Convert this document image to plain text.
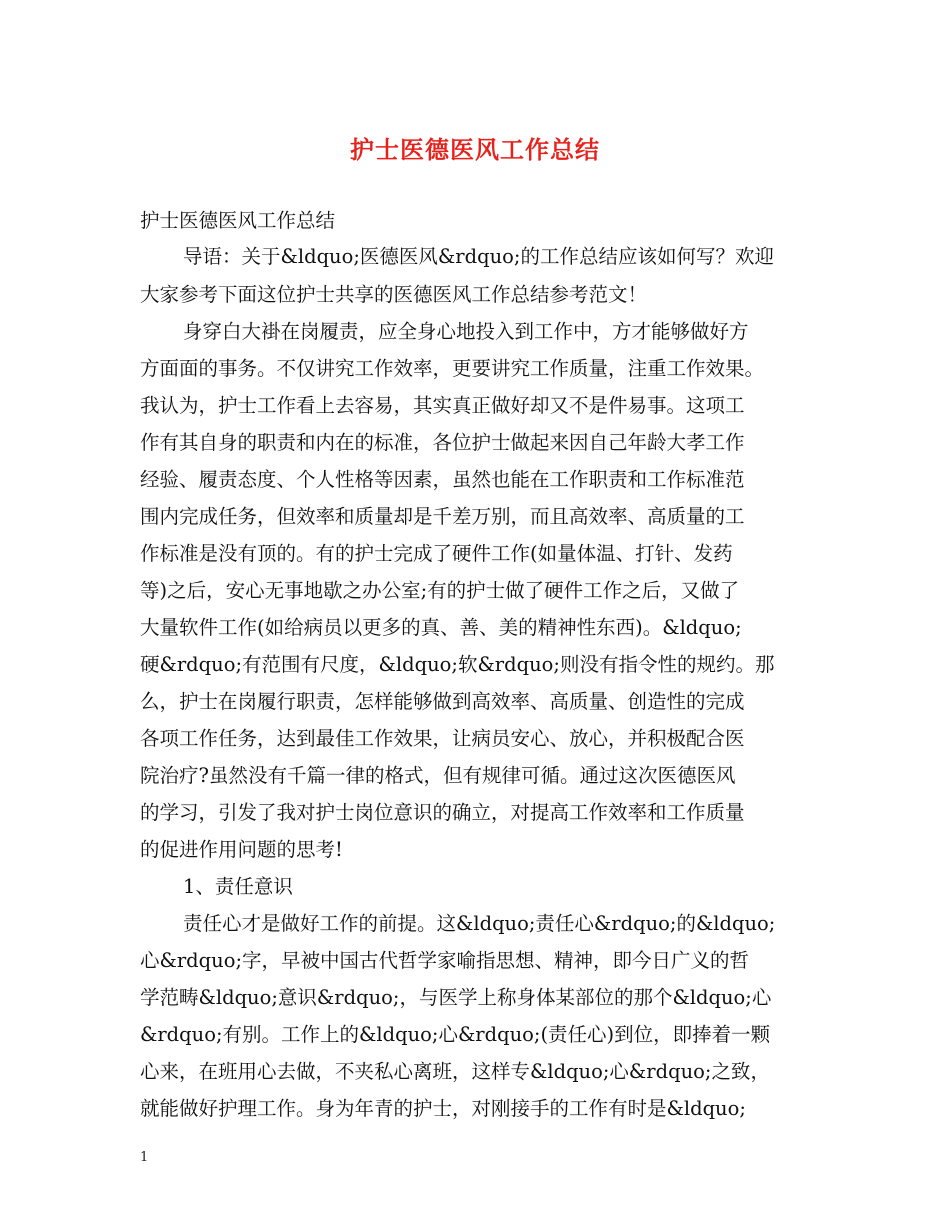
护士医德医风工作总结
护士医德医风工作总结
导语：关于&ldquo;医德医风&rdquo;的工作总结应该如何写？欢迎
大家参考下面这位护士共享的医德医风工作总结参考范文！
身穿白大褂在岗履责，应全身心地投入到工作中，方才能够做好方
方面面的事务。不仅讲究工作效率，更要讲究工作质量，注重工作效果。
我认为，护士工作看上去容易，其实真正做好却又不是件易事。这项工
作有其自身的职责和内在的标准，各位护士做起来因自己年龄大孝工作
经验、履责态度、个人性格等因素，虽然也能在工作职责和工作标准范
围内完成任务，但效率和质量却是千差万别，而且高效率、高质量的工
作标准是没有顶的。有的护士完成了硬件工作(如量体温、打针、发药
等)之后，安心无事地歇之办公室;有的护士做了硬件工作之后，又做了
大量软件工作(如给病员以更多的真、善、美的精神性东西)。&ldquo;
硬&rdquo;有范围有尺度，&ldquo;软&rdquo;则没有指令性的规约。那
么，护士在岗履行职责，怎样能够做到高效率、高质量、创造性的完成
各项工作任务，达到最佳工作效果，让病员安心、放心，并积极配合医
院治疗?虽然没有千篇一律的格式，但有规律可循。通过这次医德医风
的学习，引发了我对护士岗位意识的确立，对提高工作效率和工作质量
的促进作用问题的思考!
1、责任意识
责任心才是做好工作的前提。这&ldquo;责任心&rdquo;的&ldquo;
心&rdquo;字，早被中国古代哲学家喻指思想、精神，即今日广义的哲
学范畴&ldquo;意识&rdquo;，与医学上称身体某部位的那个&ldquo;心
&rdquo;有别。工作上的&ldquo;心&rdquo;(责任心)到位，即捧着一颗
心来，在班用心去做，不夹私心离班，这样专&ldquo;心&rdquo;之致，
就能做好护理工作。身为年青的护士，对刚接手的工作有时是&ldquo;
1
